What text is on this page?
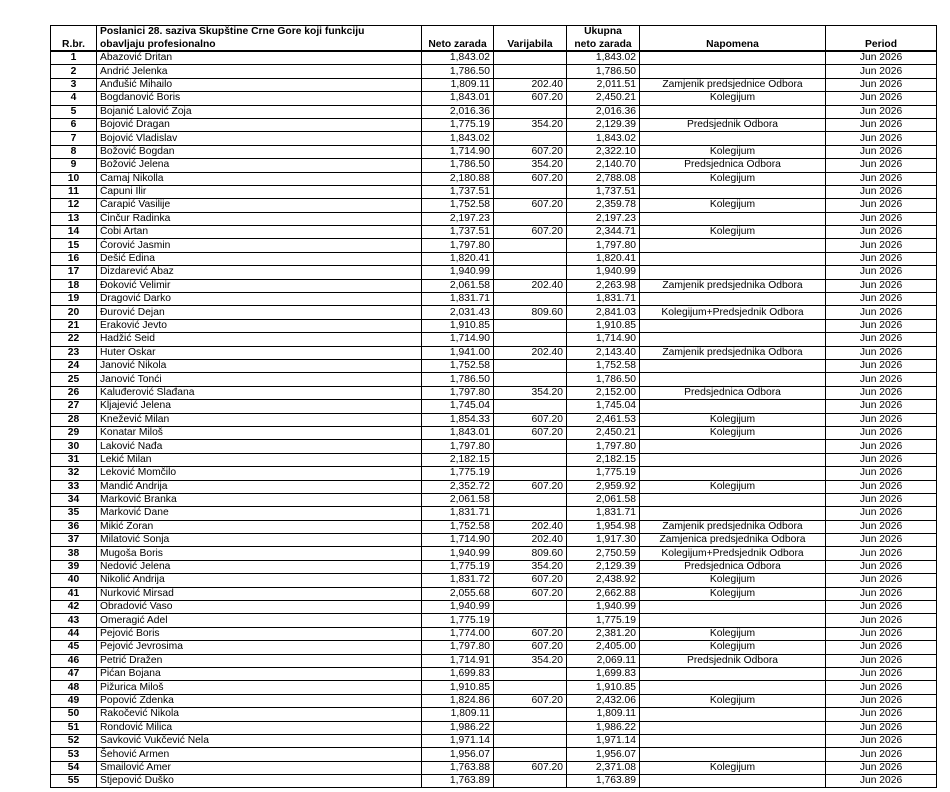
	Poslanici 28. saziva Skupštine Crne Gore koji funkciju			Ukupna		
R.br.	obavljaju profesionalno	Neto zarada	Varijabila	neto zarada	Napomena	Period
1	Abazović Dritan	1,843.02		1,843.02		Jun 2026
2	Andrić Jelenka	1,786.50		1,786.50		Jun 2026
3	Anđušić Mihailo	1,809.11	202.40	2,011.51	Zamjenik predsjednice Odbora	Jun 2026
4	Bogdanović Boris	1,843.01	607.20	2,450.21	Kolegijum	Jun 2026
5	Bojanić Lalović Zoja	2,016.36		2,016.36		Jun 2026
6	Bojović Dragan	1,775.19	354.20	2,129.39	Predsjednik Odbora	Jun 2026
7	Bojović Vladislav	1,843.02		1,843.02		Jun 2026
8	Božović Bogdan	1,714.90	607.20	2,322.10	Kolegijum	Jun 2026
9	Božović Jelena	1,786.50	354.20	2,140.70	Predsjednica Odbora	Jun 2026
10	Camaj Nikolla	2,180.88	607.20	2,788.08	Kolegijum	Jun 2026
11	Čapuni Ilir	1,737.51		1,737.51		Jun 2026
12	Čarapić Vasilije	1,752.58	607.20	2,359.78	Kolegijum	Jun 2026
13	Činčur Radinka	2,197.23		2,197.23		Jun 2026
14	Čobi Artan	1,737.51	607.20	2,344.71	Kolegijum	Jun 2026
15	Ćorović Jasmin	1,797.80		1,797.80		Jun 2026
16	Dešić Edina	1,820.41		1,820.41		Jun 2026
17	Dizdarević Abaz	1,940.99		1,940.99		Jun 2026
18	Đoković Velimir	2,061.58	202.40	2,263.98	Zamjenik predsjednika Odbora	Jun 2026
19	Dragović Darko	1,831.71		1,831.71		Jun 2026
20	Đurović Dejan	2,031.43	809.60	2,841.03	Kolegijum+Predsjednik Odbora	Jun 2026
21	Eraković Jevto	1,910.85		1,910.85		Jun 2026
22	Hadžić Seid	1,714.90		1,714.90		Jun 2026
23	Huter Oskar	1,941.00	202.40	2,143.40	Zamjenik predsjednika Odbora	Jun 2026
24	Janović Nikola	1,752.58		1,752.58		Jun 2026
25	Janović Tonći	1,786.50		1,786.50		Jun 2026
26	Kaluđerović Slađana	1,797.80	354.20	2,152.00	Predsjednica Odbora	Jun 2026
27	Kljajević Jelena	1,745.04		1,745.04		Jun 2026
28	Knežević Milan	1,854.33	607.20	2,461.53	Kolegijum	Jun 2026
29	Konatar Miloš	1,843.01	607.20	2,450.21	Kolegijum	Jun 2026
30	Laković Nađa	1,797.80		1,797.80		Jun 2026
31	Lekić Milan	2,182.15		2,182.15		Jun 2026
32	Leković Momčilo	1,775.19		1,775.19		Jun 2026
33	Mandić Andrija	2,352.72	607.20	2,959.92	Kolegijum	Jun 2026
34	Marković Branka	2,061.58		2,061.58		Jun 2026
35	Marković Dane	1,831.71		1,831.71		Jun 2026
36	Mikić Zoran	1,752.58	202.40	1,954.98	Zamjenik predsjednika Odbora	Jun 2026
37	Milatović Sonja	1,714.90	202.40	1,917.30	Zamjenica predsjednika Odbora	Jun 2026
38	Mugoša Boris	1,940.99	809.60	2,750.59	Kolegijum+Predsjednik Odbora	Jun 2026
39	Nedović Jelena	1,775.19	354.20	2,129.39	Predsjednica Odbora	Jun 2026
40	Nikolić Andrija	1,831.72	607.20	2,438.92	Kolegijum	Jun 2026
41	Nurković Mirsad	2,055.68	607.20	2,662.88	Kolegijum	Jun 2026
42	Obradović Vaso	1,940.99		1,940.99		Jun 2026
43	Omeragić Adel	1,775.19		1,775.19		Jun 2026
44	Pejović Boris	1,774.00	607.20	2,381.20	Kolegijum	Jun 2026
45	Pejović Jevrosima	1,797.80	607.20	2,405.00	Kolegijum	Jun 2026
46	Petrić Dražen	1,714.91	354.20	2,069.11	Predsjednik Odbora	Jun 2026
47	Pićan Bojana	1,699.83		1,699.83		Jun 2026
48	Pižurica Miloš	1,910.85		1,910.85		Jun 2026
49	Popović Zdenka	1,824.86	607.20	2,432.06	Kolegijum	Jun 2026
50	Rakočević Nikola	1,809.11		1,809.11		Jun 2026
51	Rondović Milica	1,986.22		1,986.22		Jun 2026
52	Savković Vukčević Nela	1,971.14		1,971.14		Jun 2026
53	Šehović Armen	1,956.07		1,956.07		Jun 2026
54	Smailović Amer	1,763.88	607.20	2,371.08	Kolegijum	Jun 2026
55	Stjepović Duško	1,763.89		1,763.89		Jun 2026
